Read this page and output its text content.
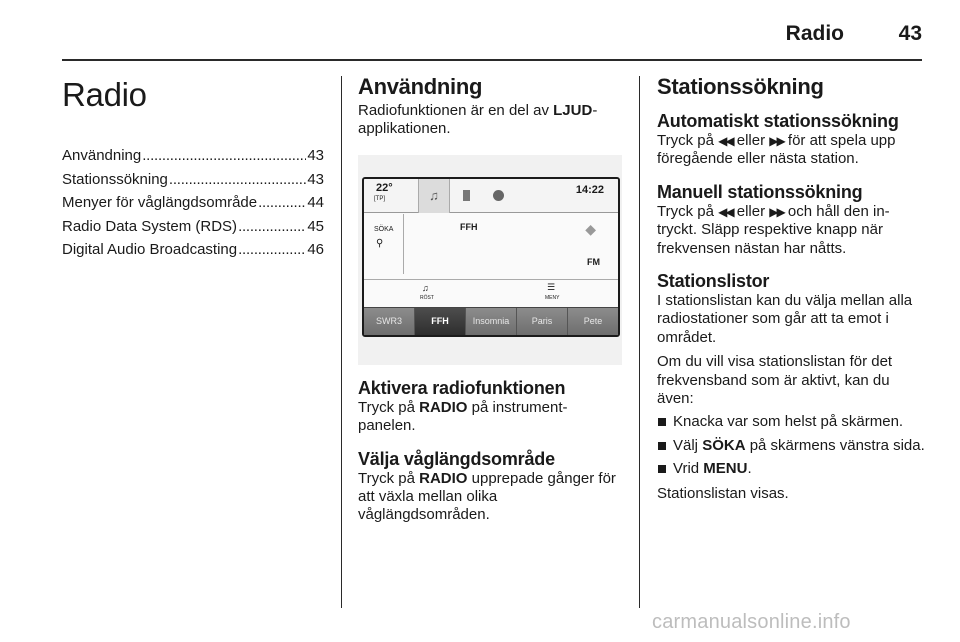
Radio	43
Radio
Användning . . .	43
Stationssökning . . .	43
Menyer för våglängdsområde . . .	44
Radio Data System (RDS) . . .	45
Digital Audio Broadcasting . . .	46
Användning

Radiofunktionen är en del av LJUD-applikationen.

22°
[TP]	♫	14:22
SÖKA
⚲
FFH	◆
FM
♫
RÖST
☰
MENY
SWR3	FFH	Insomnia	Paris	Pete
Aktivera radiofunktionen

Tryck på RADIO på instrument-panelen.

Välja våglängdsområde

Tryck på RADIO upprepade gånger för att växla mellan olika våglängdsområden.

Stationssökning
Automatiskt stationssökning

Tryck på ◀◀ eller ▶▶ för att spela upp föregående eller nästa station.

Manuell stationssökning

Tryck på ◀◀ eller ▶▶ och håll den in-tryckt. Släpp respektive knapp när frekvensen nästan har nåtts.

Stationslistor

I stationslistan kan du välja mellan alla radiostationer som går att ta emot i området.

Om du vill visa stationslistan för det frekvensband som är aktivt, kan du även:

Knacka var som helst på skärmen.
Välj SÖKA på skärmens vänstra sida.
Vrid MENU.

Stationslistan visas.

carmanualsonline.info
